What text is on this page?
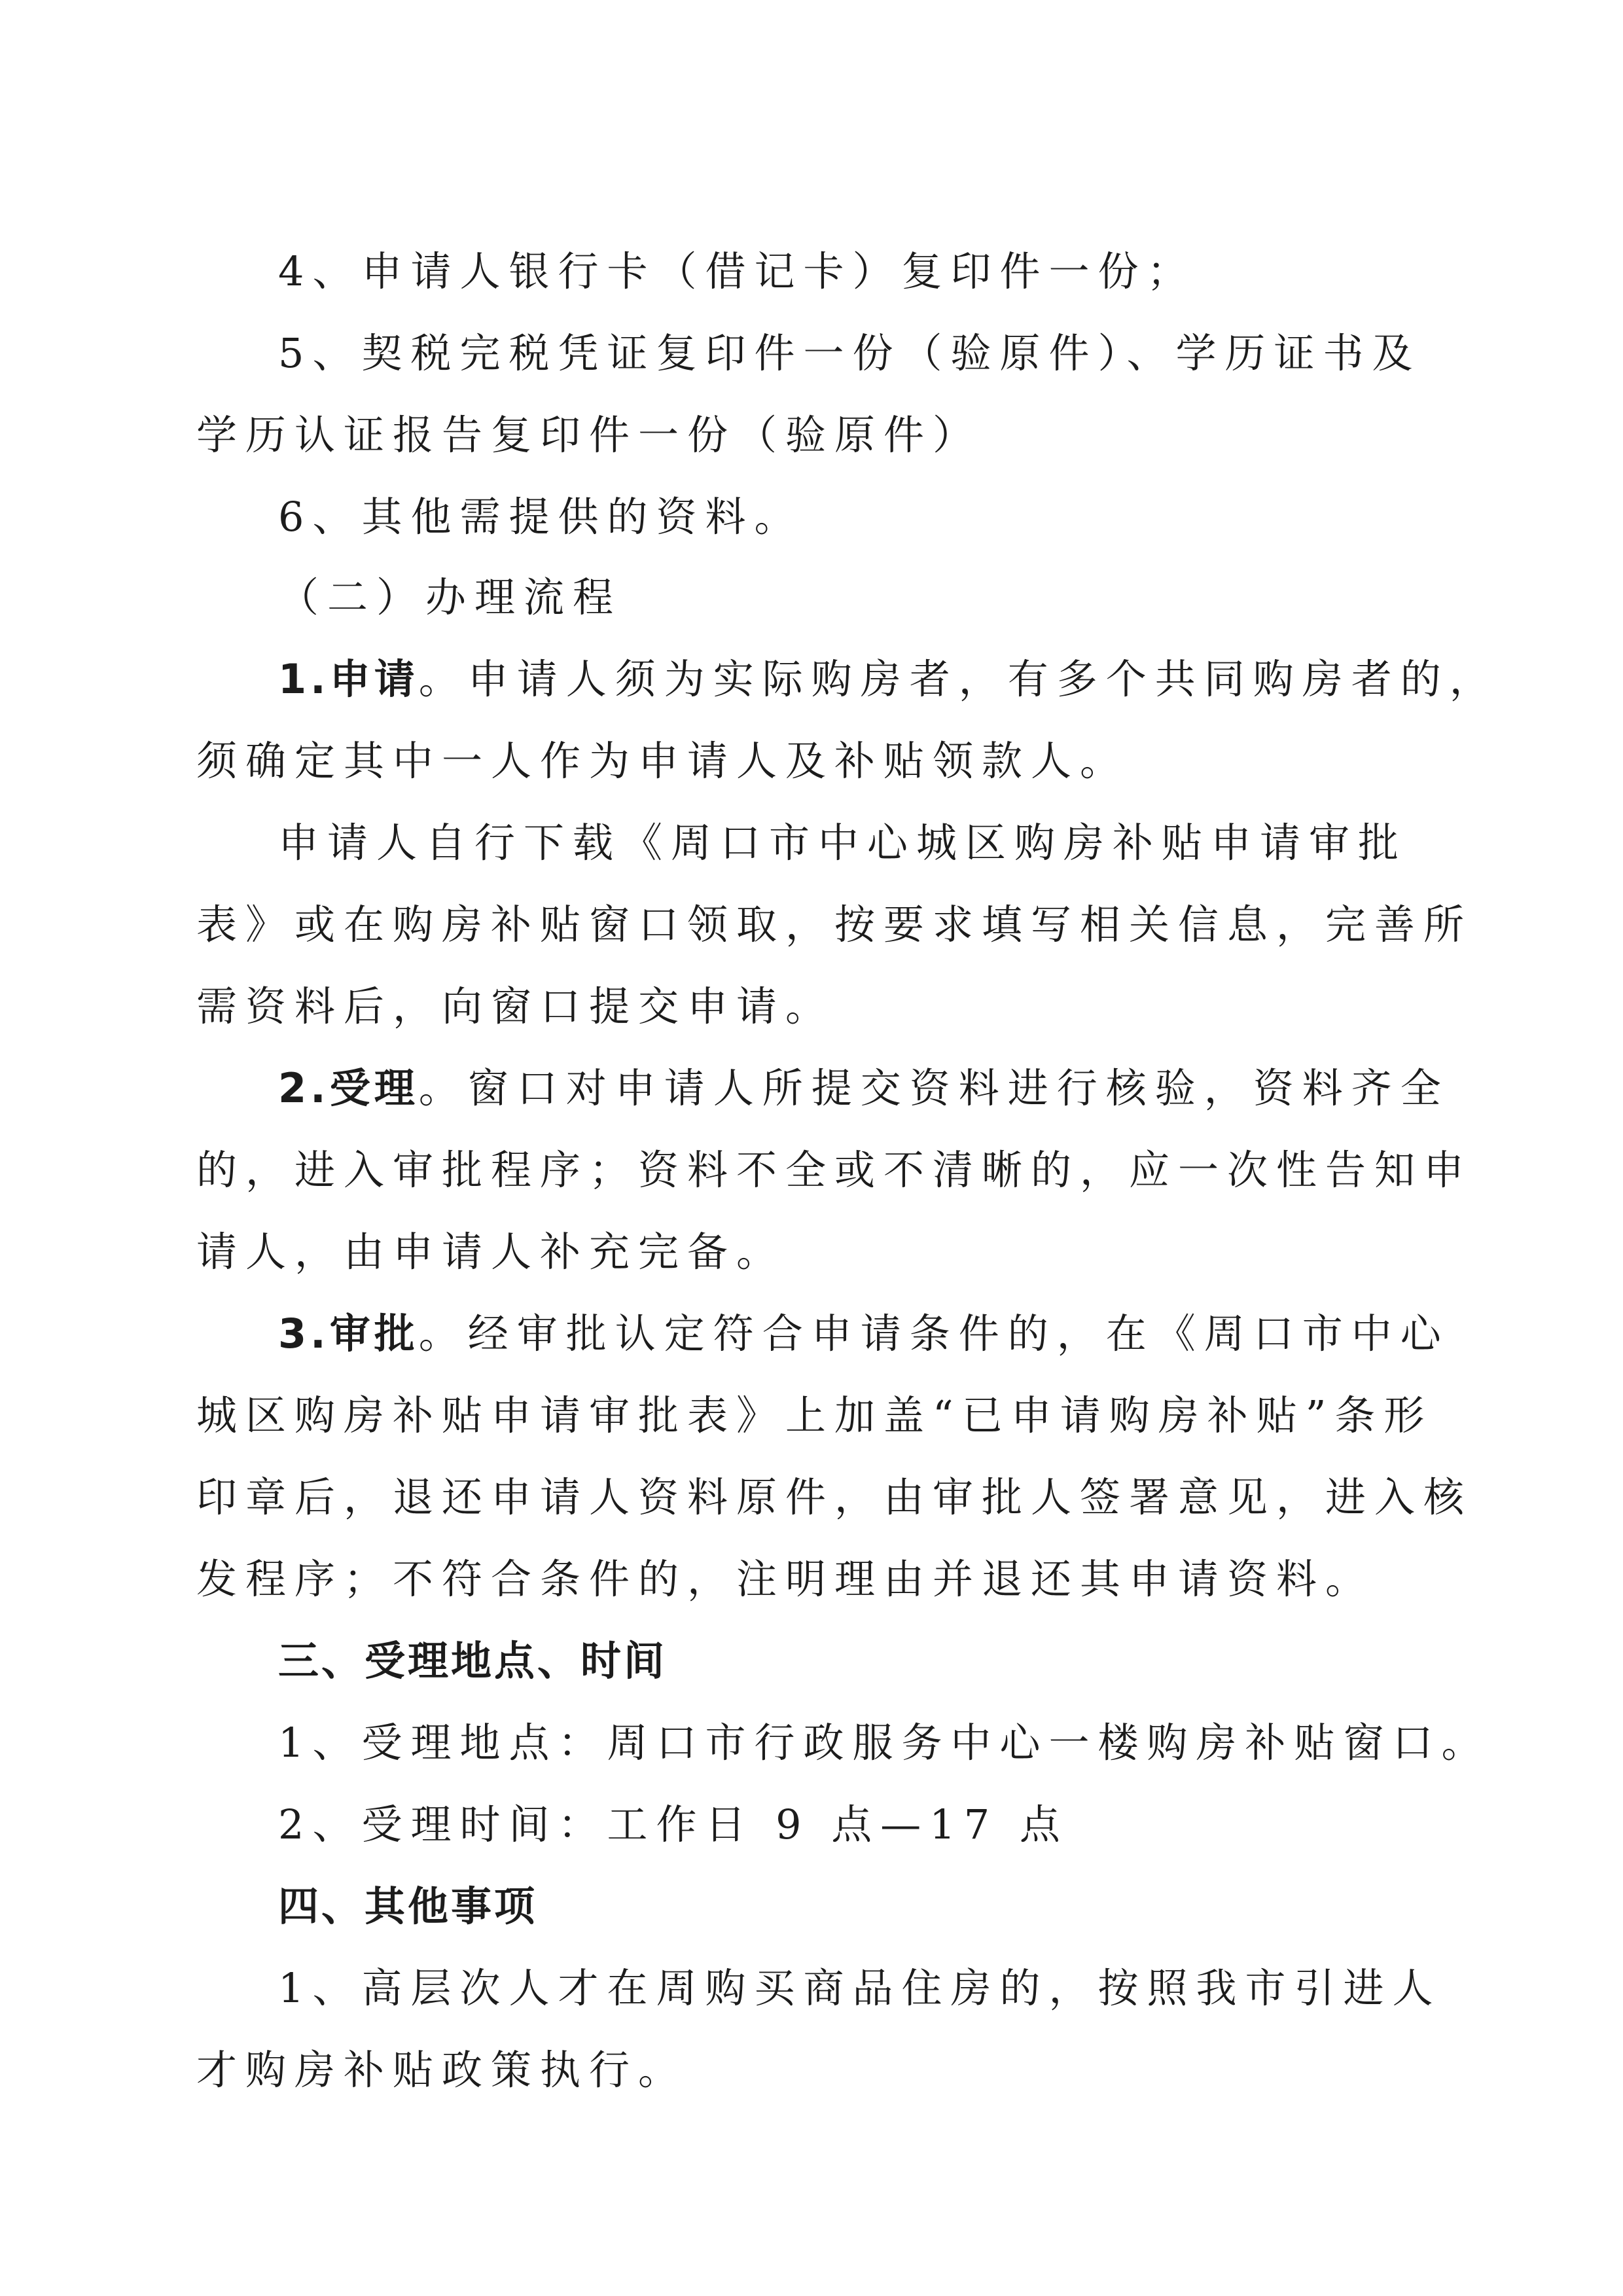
4、申请人银行卡（借记卡）复印件一份；
5、契税完税凭证复印件一份（验原件）、学历证书及
学历认证报告复印件一份（验原件）
6、其他需提供的资料。
（二）办理流程
1.申请。申请人须为实际购房者，有多个共同购房者的，
须确定其中一人作为申请人及补贴领款人。
申请人自行下载《周口市中心城区购房补贴申请审批
表》或在购房补贴窗口领取，按要求填写相关信息，完善所
需资料后，向窗口提交申请。
2.受理。窗口对申请人所提交资料进行核验，资料齐全
的，进入审批程序；资料不全或不清晰的，应一次性告知申
请人，由申请人补充完备。
3.审批。经审批认定符合申请条件的，在《周口市中心
城区购房补贴申请审批表》上加盖“已申请购房补贴”条形
印章后，退还申请人资料原件，由审批人签署意见，进入核
发程序；不符合条件的，注明理由并退还其申请资料。
三、受理地点、时间
1、受理地点：周口市行政服务中心一楼购房补贴窗口。
2、受理时间：工作日 9 点—17 点
四、其他事项
1、高层次人才在周购买商品住房的，按照我市引进人
才购房补贴政策执行。
